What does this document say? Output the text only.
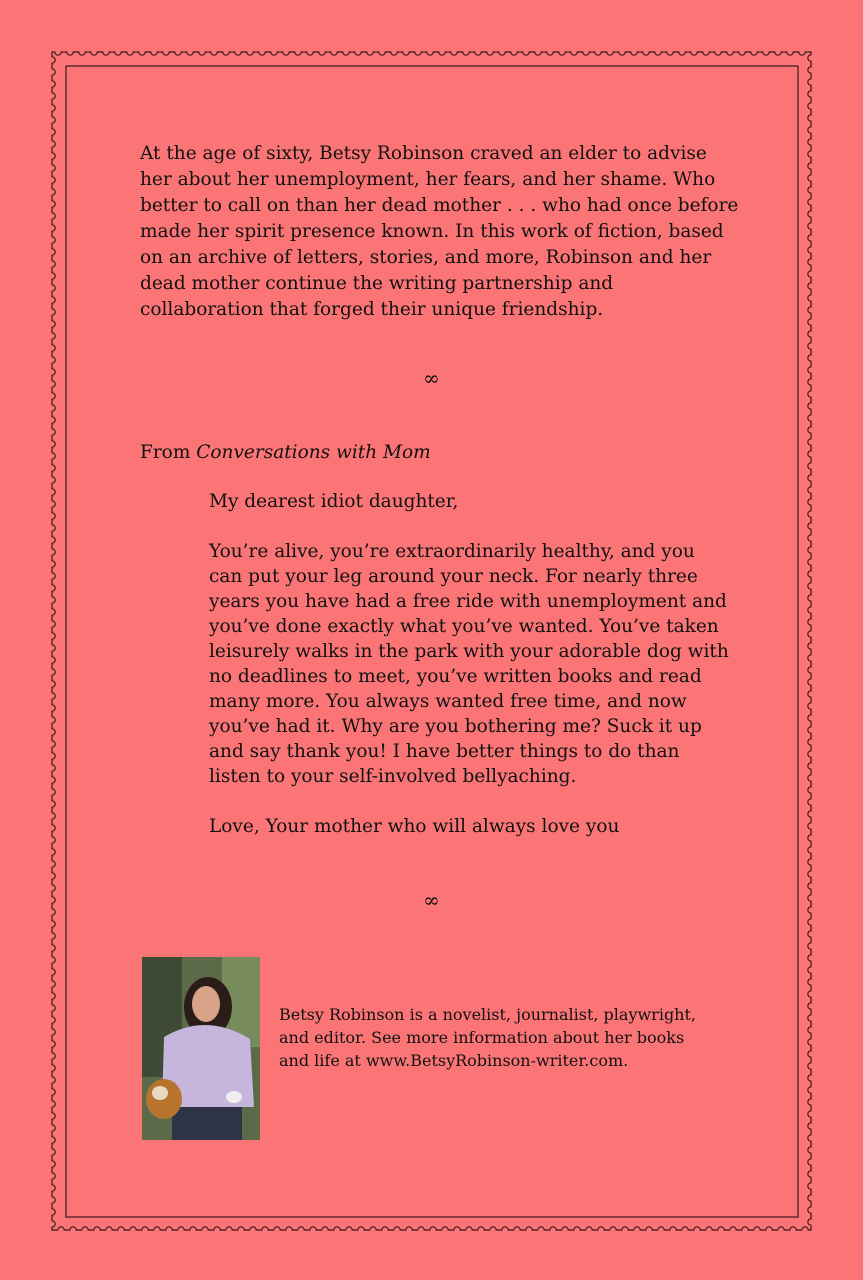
At the age of sixty, Betsy Robinson craved an elder to advise her about her unemployment, her fears, and her shame. Who better to call on than her dead mother . . . who had once before made her spirit presence known. In this work of fiction, based on an archive of letters, stories, and more, Robinson and her dead mother continue the writing partnership and collaboration that forged their unique friendship.

∞
From Conversations with Mom

My dearest idiot daughter,

You’re alive, you’re extraordinarily healthy, and you can put your leg around your neck. For nearly three years you have had a free ride with unemployment and you’ve done exactly what you’ve wanted. You’ve taken leisurely walks in the park with your adorable dog with no deadlines to meet, you’ve written books and read many more. You always wanted free time, and now you’ve had it. Why are you bothering me? Suck it up and say thank you! I have better things to do than listen to your self-involved bellyaching.

Love, Your mother who will always love you

∞

Betsy Robinson is a novelist, journalist, playwright, and editor. See more information about her books and life at www.BetsyRobinson-writer.com.
